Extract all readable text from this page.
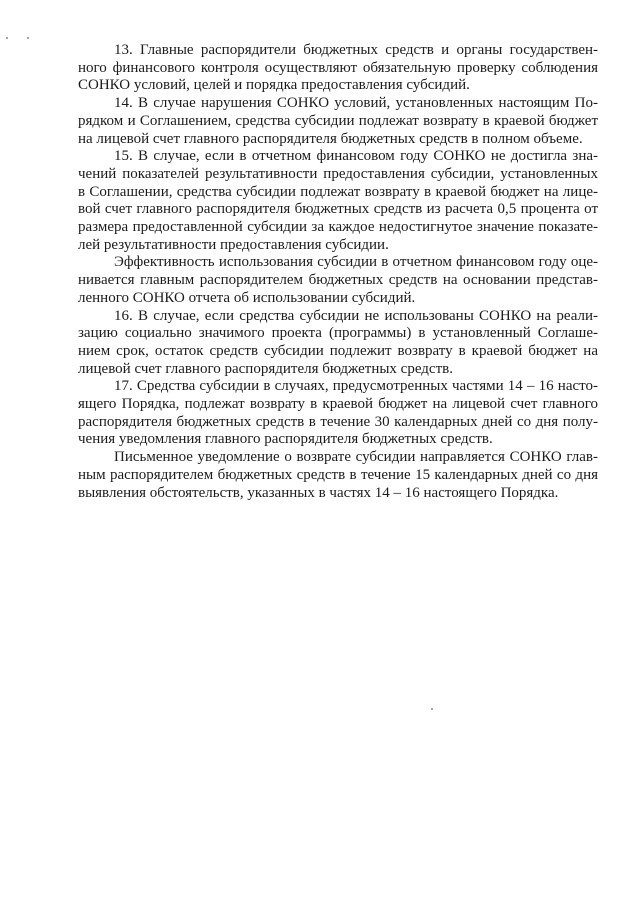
13. Главные распорядители бюджетных средств и органы государствен-
ного финансового контроля осуществляют обязательную проверку соблюдения
СОНКО условий, целей и порядка предоставления субсидий.
14. В случае нарушения СОНКО условий, установленных настоящим По-
рядком и Соглашением, средства субсидии подлежат возврату в краевой бюджет
на лицевой счет главного распорядителя бюджетных средств в полном объеме.
15. В случае, если в отчетном финансовом году СОНКО не достигла зна-
чений показателей результативности предоставления субсидии, установленных
в Соглашении, средства субсидии подлежат возврату в краевой бюджет на лице-
вой счет главного распорядителя бюджетных средств из расчета 0,5 процента от
размера предоставленной субсидии за каждое недостигнутое значение показате-
лей результативности предоставления субсидии.
Эффективность использования субсидии в отчетном финансовом году оце-
нивается главным распорядителем бюджетных средств на основании представ-
ленного СОНКО отчета об использовании субсидий.
16. В случае, если средства субсидии не использованы СОНКО на реали-
зацию социально значимого проекта (программы) в установленный Соглаше-
нием срок, остаток средств субсидии подлежит возврату в краевой бюджет на
лицевой счет главного распорядителя бюджетных средств.
17. Средства субсидии в случаях, предусмотренных частями 14 – 16 насто-
ящего Порядка, подлежат возврату в краевой бюджет на лицевой счет главного
распорядителя бюджетных средств в течение 30 календарных дней со дня полу-
чения уведомления главного распорядителя бюджетных средств.
Письменное уведомление о возврате субсидии направляется СОНКО глав-
ным распорядителем бюджетных средств в течение 15 календарных дней со дня
выявления обстоятельств, указанных в частях 14 – 16 настоящего Порядка.
